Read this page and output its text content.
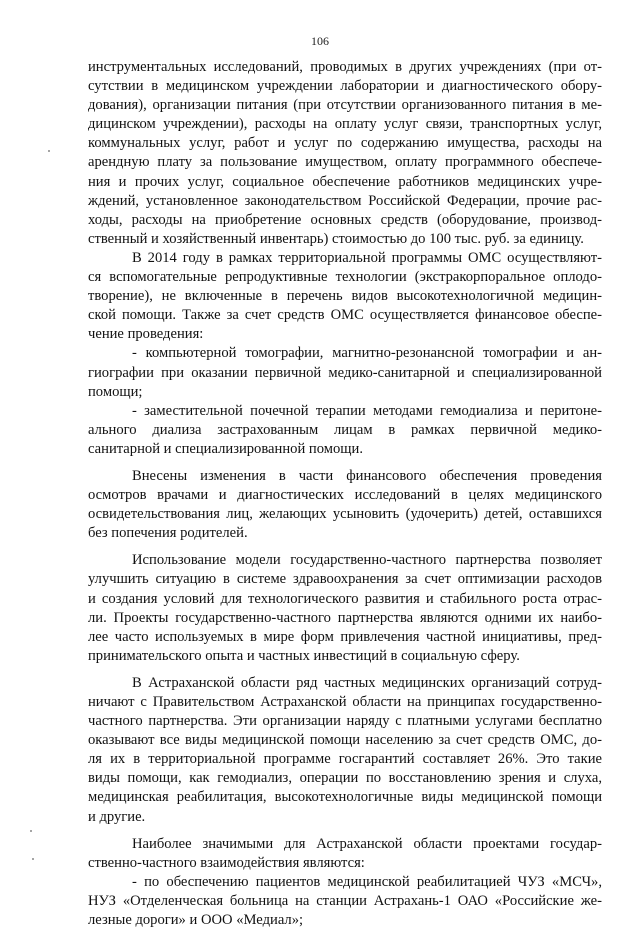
106
инструментальных исследований, проводимых в других учреждениях (при от-
сутствии в медицинском учреждении лаборатории и диагностического обору-
дования), организации питания (при отсутствии организованного питания в ме-
дицинском учреждении), расходы на оплату услуг связи, транспортных услуг,
коммунальных услуг, работ и услуг по содержанию имущества, расходы на
арендную плату за пользование имуществом, оплату программного обеспече-
ния и прочих услуг, социальное обеспечение работников медицинских учре-
ждений, установленное законодательством Российской Федерации, прочие рас-
ходы, расходы на приобретение основных средств (оборудование, производ-
ственный и хозяйственный инвентарь) стоимостью до 100 тыс. руб. за единицу.
В 2014 году в рамках территориальной программы ОМС осуществляют-
ся вспомогательные репродуктивные технологии (экстракорпоральное оплодо-
творение), не включенные в перечень видов высокотехнологичной медицин-
ской помощи. Также за счет средств ОМС осуществляется финансовое обеспе-
чение проведения:
- компьютерной томографии, магнитно-резонансной томографии и ан-
гиографии при оказании первичной медико-санитарной и специализированной
помощи;
- заместительной почечной терапии методами гемодиализа и перитоне-
ального диализа застрахованным лицам в рамках первичной медико-
санитарной и специализированной помощи.
Внесены изменения в части финансового обеспечения проведения
осмотров врачами и диагностических исследований в целях медицинского
освидетельствования лиц, желающих усыновить (удочерить) детей, оставшихся
без попечения родителей.
Использование модели государственно-частного партнерства позволяет
улучшить ситуацию в системе здравоохранения за счет оптимизации расходов
и создания условий для технологического развития и стабильного роста отрас-
ли. Проекты государственно-частного партнерства являются одними их наибо-
лее часто используемых в мире форм привлечения частной инициативы, пред-
принимательского опыта и частных инвестиций в социальную сферу.
В Астраханской области ряд частных медицинских организаций сотруд-
ничают с Правительством Астраханской области на принципах государственно-
частного партнерства. Эти организации наряду с платными услугами бесплатно
оказывают все виды медицинской помощи населению за счет средств ОМС, до-
ля их в территориальной программе госгарантий составляет 26%. Это такие
виды помощи, как гемодиализ, операции по восстановлению зрения и слуха,
медицинская реабилитация, высокотехнологичные виды медицинской помощи
и другие.
Наиболее значимыми для Астраханской области проектами государ-
ственно-частного взаимодействия являются:
- по обеспечению пациентов медицинской реабилитацией ЧУЗ «МСЧ»,
НУЗ «Отделенческая больница на станции Астрахань-1 ОАО «Российские же-
лезные дороги» и ООО «Медиал»;
